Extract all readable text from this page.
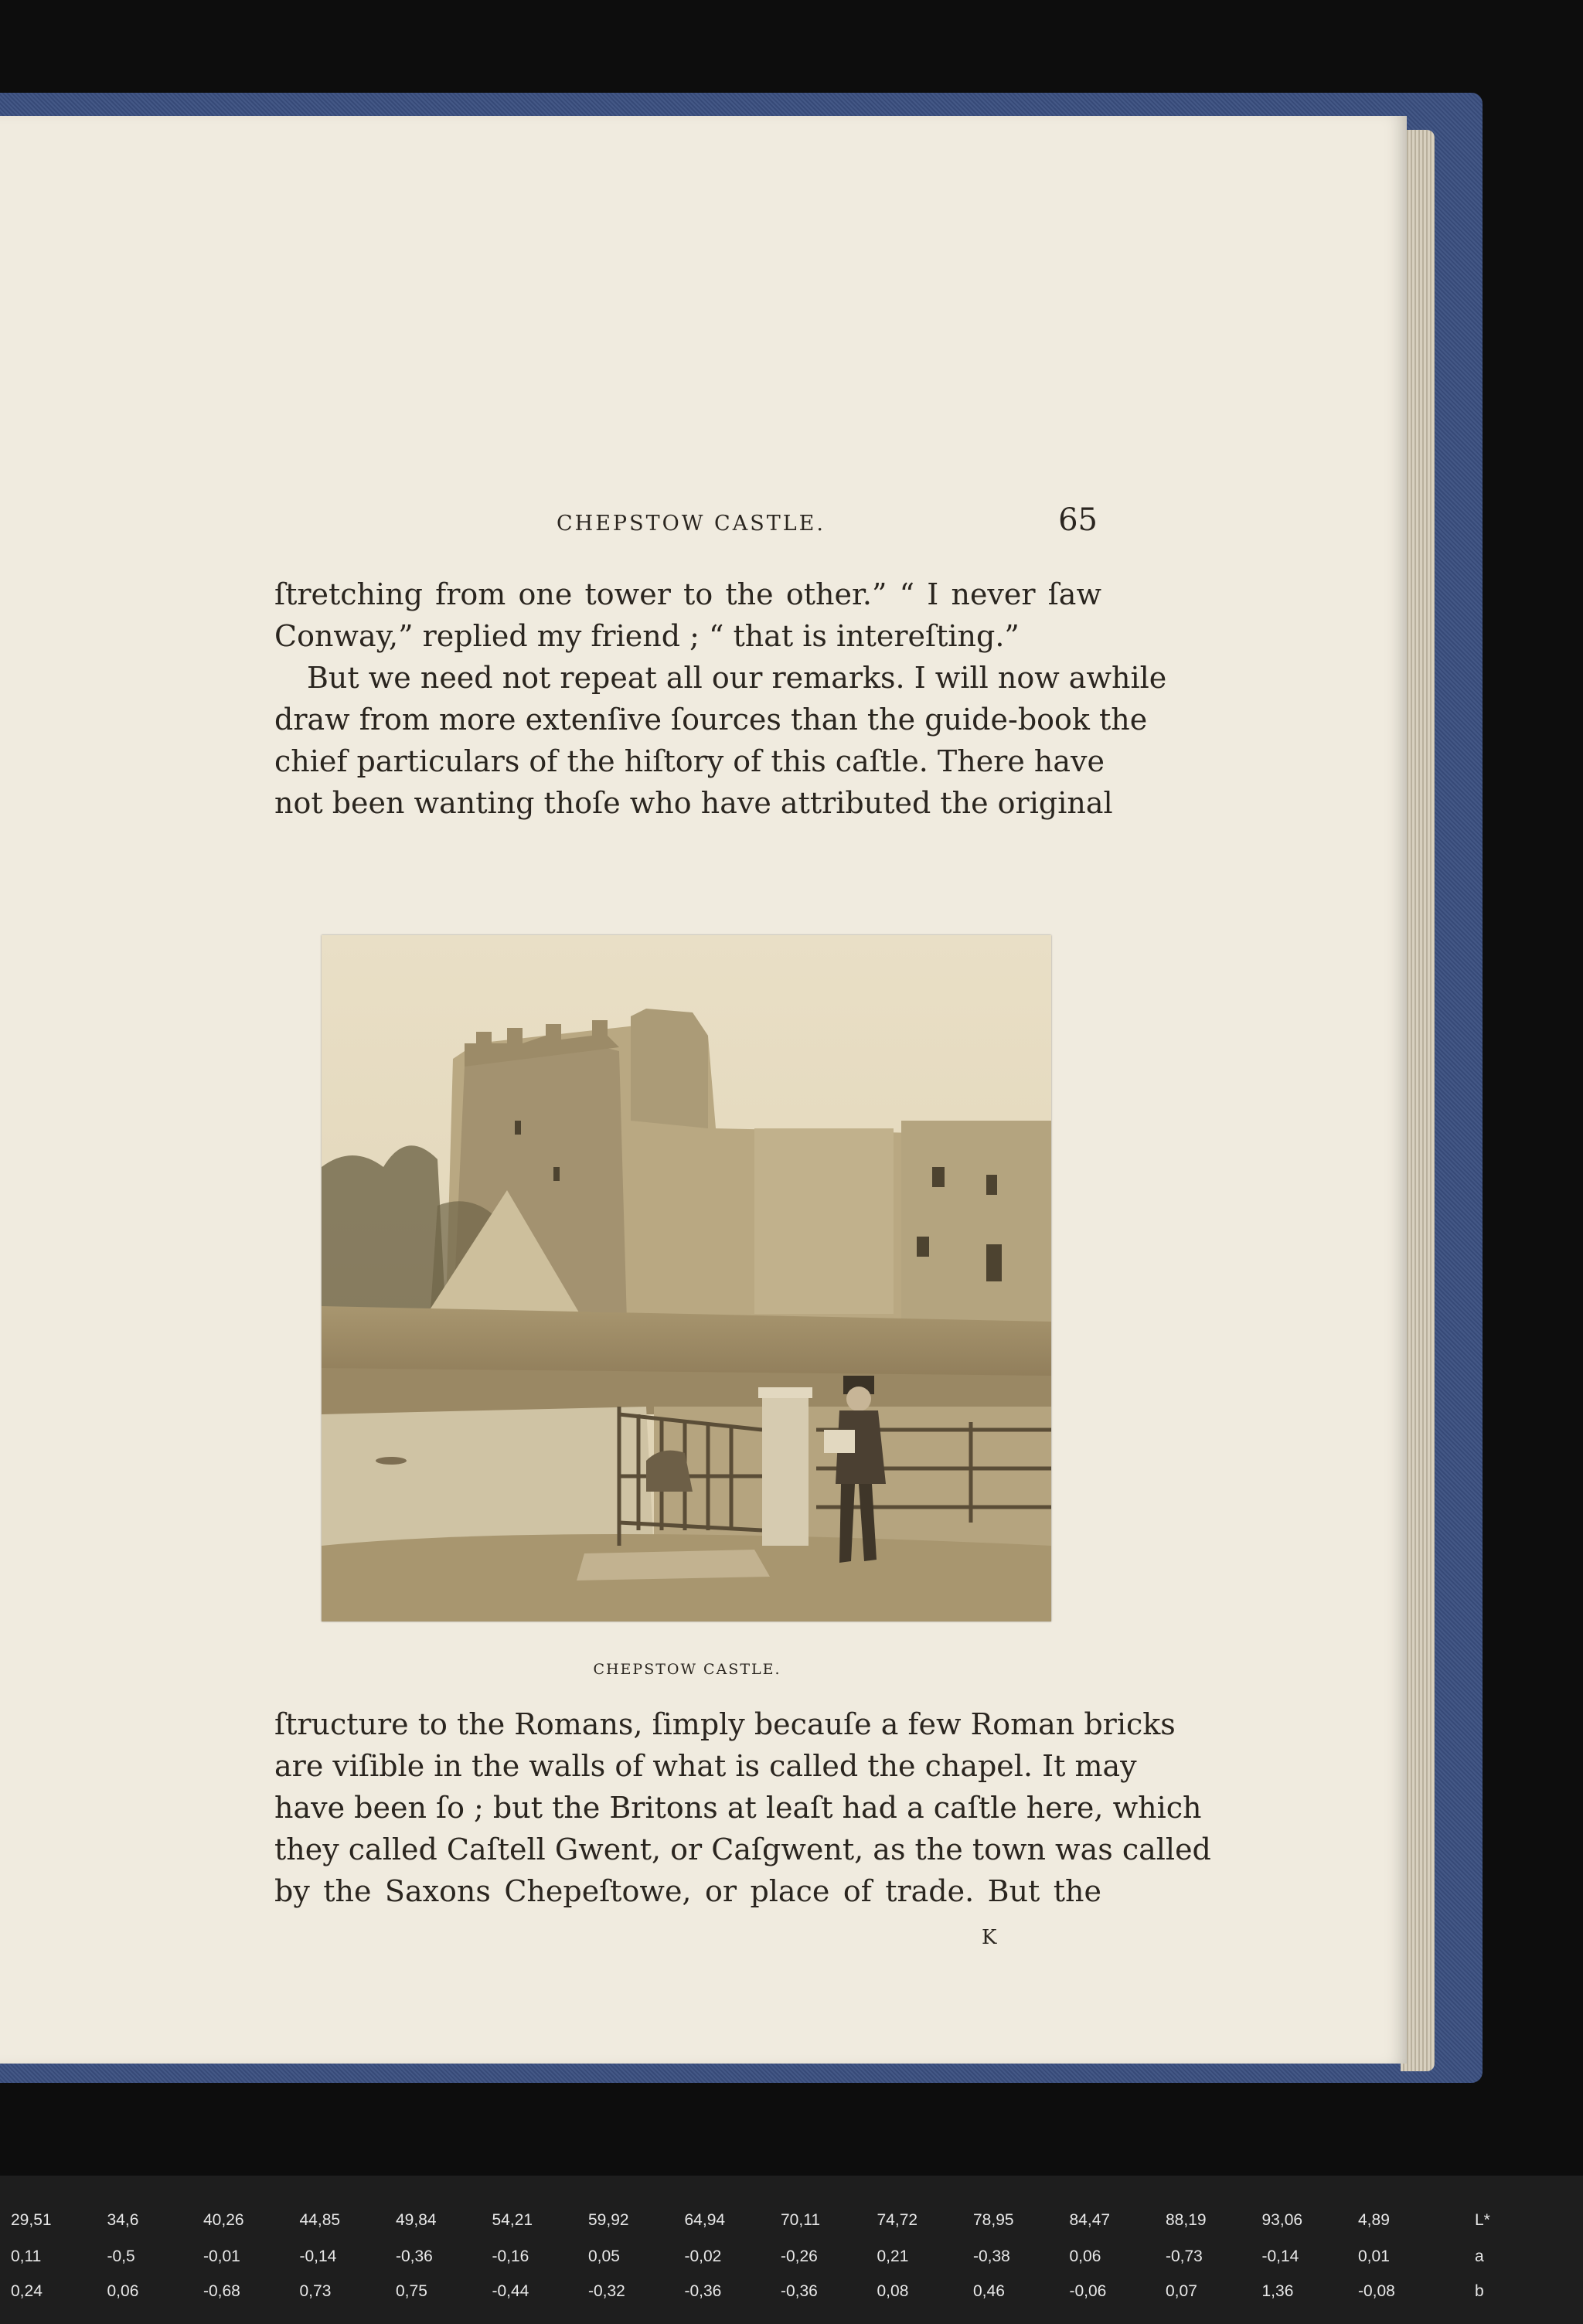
CHEPSTOW CASTLE.	65
ſtretching from one tower to the other.” “ I never ſaw
Conway,” replied my friend ; “ that is intereſting.”
But we need not repeat all our remarks. I will now awhile
draw from more extenſive ſources than the guide-book the
chief particulars of the hiſtory of this caſtle. There have
not been wanting thoſe who have attributed the original
CHEPSTOW CASTLE.
ſtructure to the Romans, ſimply becauſe a few Roman bricks
are viſible in the walls of what is called the chapel. It may
have been ſo ; but the Britons at leaſt had a caſtle here, which
they called Caſtell Gwent, or Caſgwent, as the town was called
by the Saxons Chepeſtowe, or place of trade. But the
K
29,51	34,6	40,26	44,85	49,84	54,21	59,92	64,94	70,11	74,72	78,95	84,47	88,19	93,06	4,89	L*
0,11	-0,5	-0,01	-0,14	-0,36	-0,16	0,05	-0,02	-0,26	0,21	-0,38	0,06	-0,73	-0,14	0,01	a
0,24	0,06	-0,68	0,73	0,75	-0,44	-0,32	-0,36	-0,36	0,08	0,46	-0,06	0,07	1,36	-0,08	b
